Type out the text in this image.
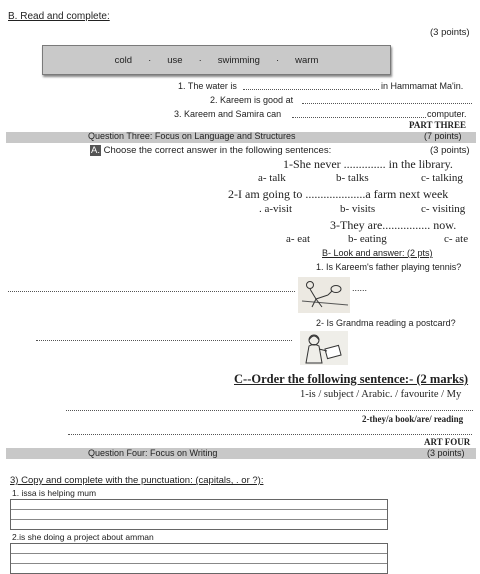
B. Read and complete:
(3 points)
cold · use · swimming · warm
1. The water is	in Hammamat Ma'in.
2. Kareem is good at
3. Kareem and Samira can	computer.
PART THREE
Question Three: Focus on Language and Structures	(7 points)
A. Choose the correct answer in the following sentences:	(3 points)
1-She never .............. in the library.
a- talk	b- talks	c- talking
2-I am going to ....................a farm next week
. a-visit	b- visits	c- visiting
3-They are................ now.
a- eat	b- eating	c- ate
B- Look and answer: (2 pts)
1. Is Kareem's father playing tennis?
......
2- Is Grandma reading a postcard?
C--Order the following sentence:- (2 marks)
1-is / subject / Arabic. / favourite / My
2-they/a book/are/ reading
ART FOUR
Question Four: Focus on Writing	(3 points)
3) Copy and complete with the punctuation: (capitals, . or ?):
1. issa is helping mum
2.is she doing a project about amman
